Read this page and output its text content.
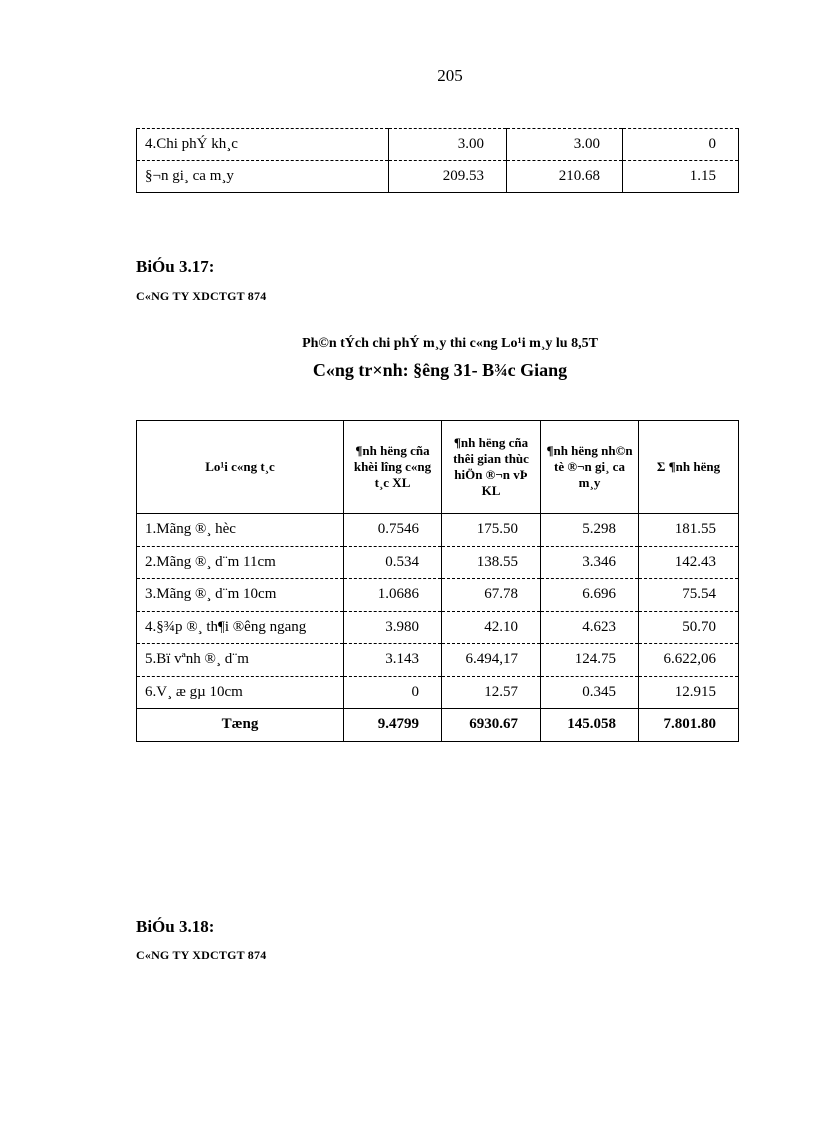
205
4.Chi phÝ kh¸c	3.00	3.00	0
§¬n gi¸ ca m¸y	209.53	210.68	1.15
BiÓu 3.17:
C«NG TY XDCTGT 874
Ph©n tÝch chi phÝ m¸y thi c«ng Lo¹i m¸y lu 8,5T
C«ng tr×nh: §êng 31- B¾c Giang
Lo¹i c«ng t¸c	¶nh hëng cña khèi lîng c«ng t¸c XL	¶nh hëng cña thêi gian thùc hiÖn ®¬n vÞ KL	¶nh hëng nh©n tè ®¬n gi¸ ca m¸y	Σ ¶nh hëng
1.Mãng ®¸ hèc	0.7546	175.50	5.298	181.55
2.Mãng ®¸ d¨m 11cm	0.534	138.55	3.346	142.43
3.Mãng ®¸ d¨m 10cm	1.0686	67.78	6.696	75.54
4.§¾p ®¸ th¶i ®êng ngang	3.980	42.10	4.623	50.70
5.Bï vªnh ®¸ d¨m	3.143	6.494,17	124.75	6.622,06
6.V¸ æ gµ 10cm	0	12.57	0.345	12.915
Tæng	9.4799	6930.67	145.058	7.801.80
BiÓu 3.18:
C«NG TY XDCTGT 874
